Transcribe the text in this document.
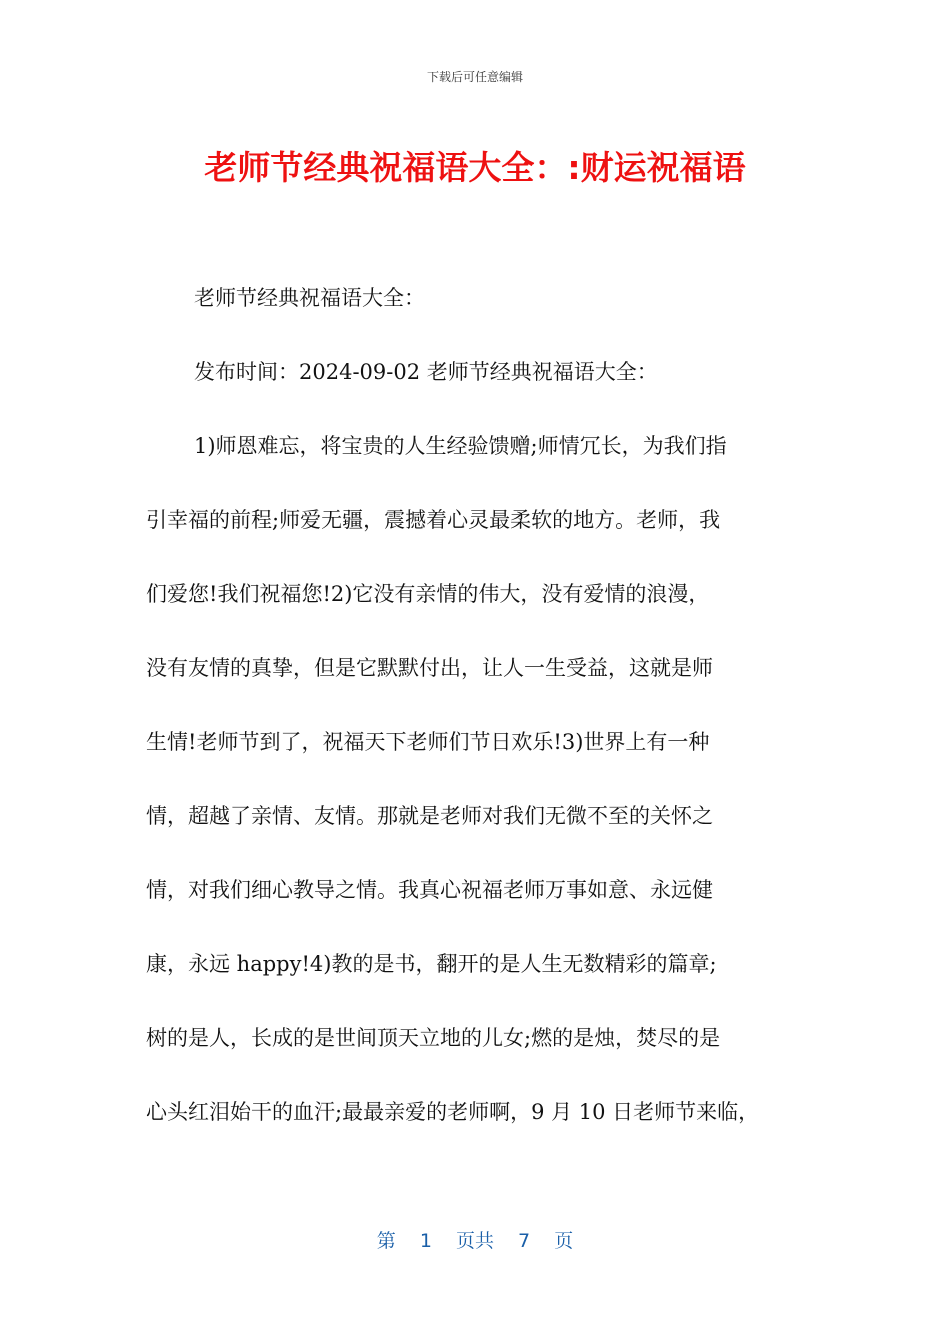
下载后可任意编辑
老师节经典祝福语大全：:财运祝福语
老师节经典祝福语大全：
发布时间：2024-09-02 老师节经典祝福语大全：
1)师恩难忘，将宝贵的人生经验馈赠;师情冗长，为我们指
引幸福的前程;师爱无疆，震撼着心灵最柔软的地方。老师，我
们爱您!我们祝福您!2)它没有亲情的伟大，没有爱情的浪漫，
没有友情的真挚，但是它默默付出，让人一生受益，这就是师
生情!老师节到了，祝福天下老师们节日欢乐!3)世界上有一种
情，超越了亲情、友情。那就是老师对我们无微不至的关怀之
情，对我们细心教导之情。我真心祝福老师万事如意、永远健
康，永远 happy!4)教的是书，翻开的是人生无数精彩的篇章;
树的是人，长成的是世间顶天立地的儿女;燃的是烛，焚尽的是
心头红泪始干的血汗;最最亲爱的老师啊，9 月 10 日老师节来临，
第 1 页共 7 页
